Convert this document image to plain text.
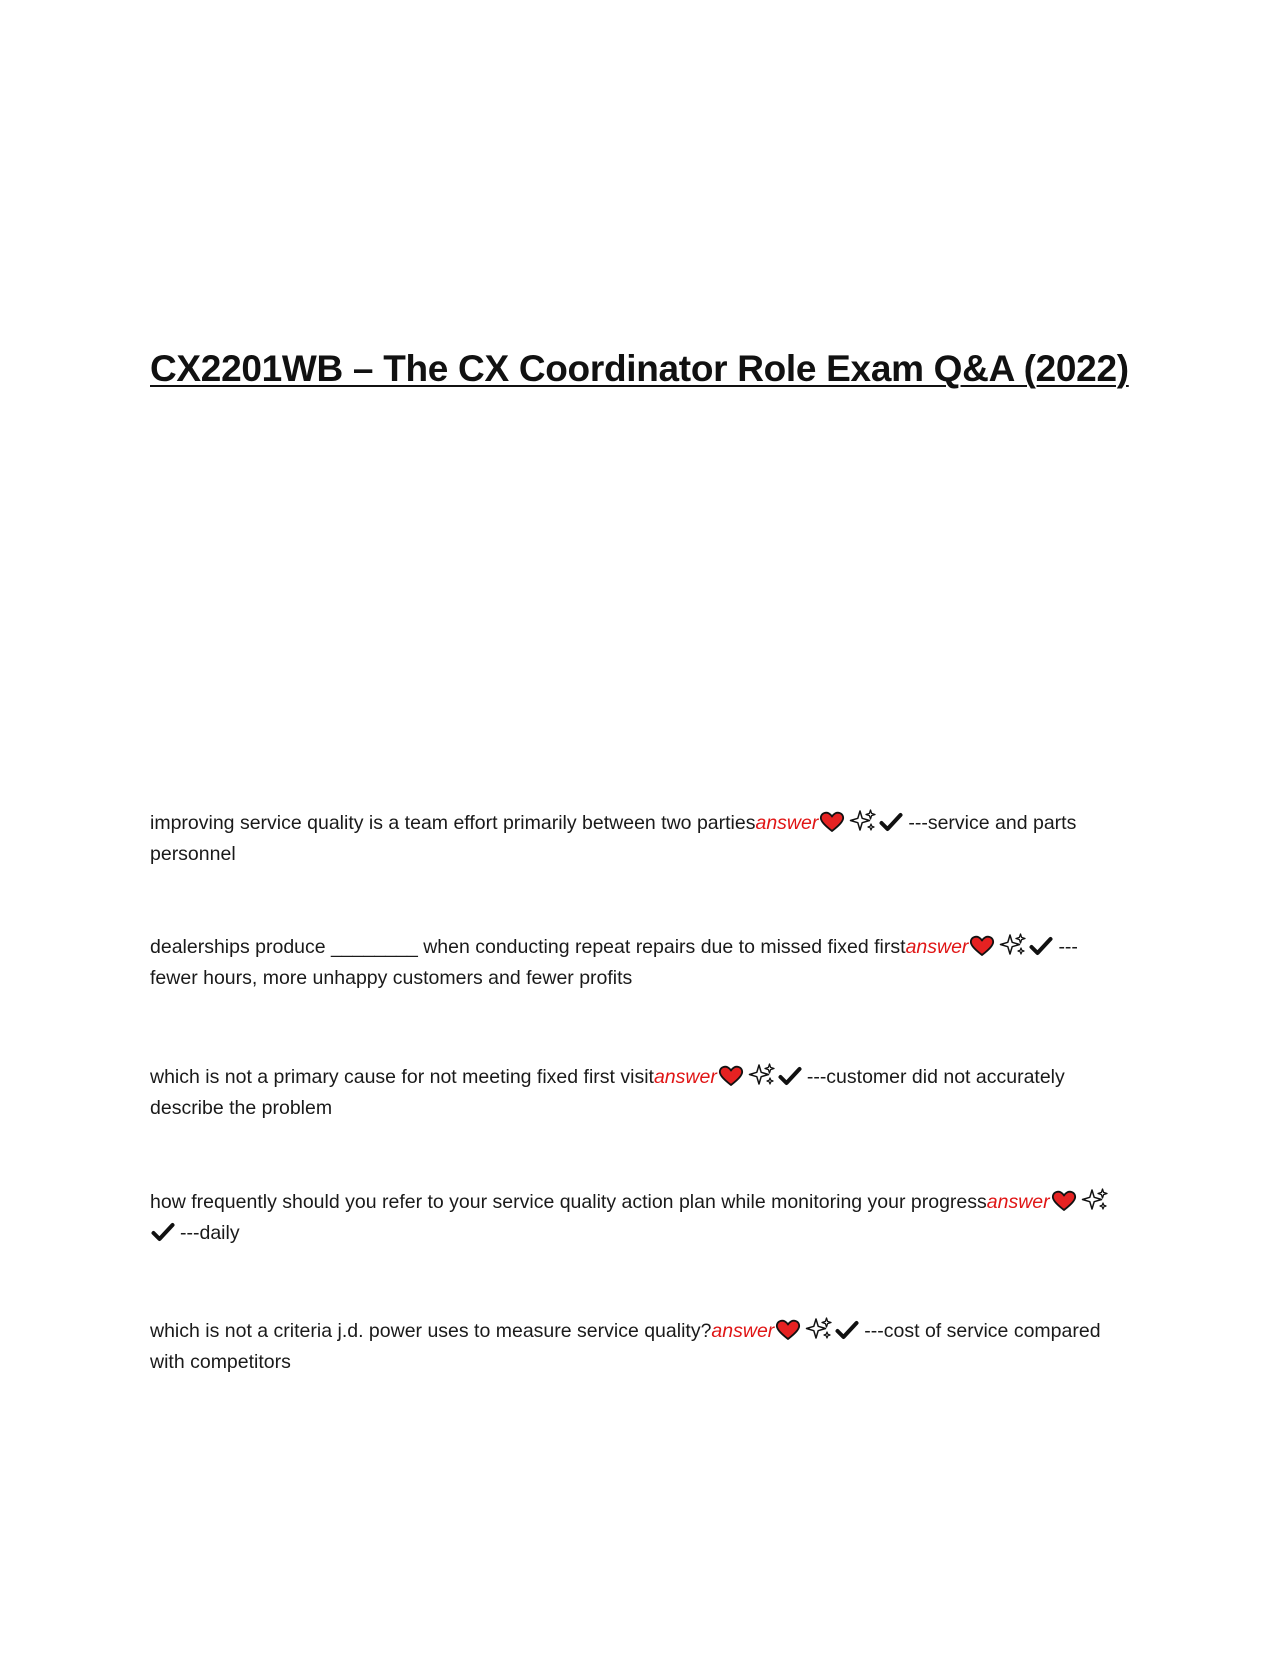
CX2201WB – The CX Coordinator Role Exam Q&A (2022)
improving service quality is a team effort primarily between two partiesanswer	---service and parts personnel
dealerships produce ________ when conducting repeat repairs due to missed fixed firstanswer	---fewer hours, more unhappy customers and fewer profits
which is not a primary cause for not meeting fixed first visitanswer	---customer did not accurately describe the problem
how frequently should you refer to your service quality action plan while monitoring your progressanswer
---daily
which is not a criteria j.d. power uses to measure service quality?answer	---cost of service compared with competitors
